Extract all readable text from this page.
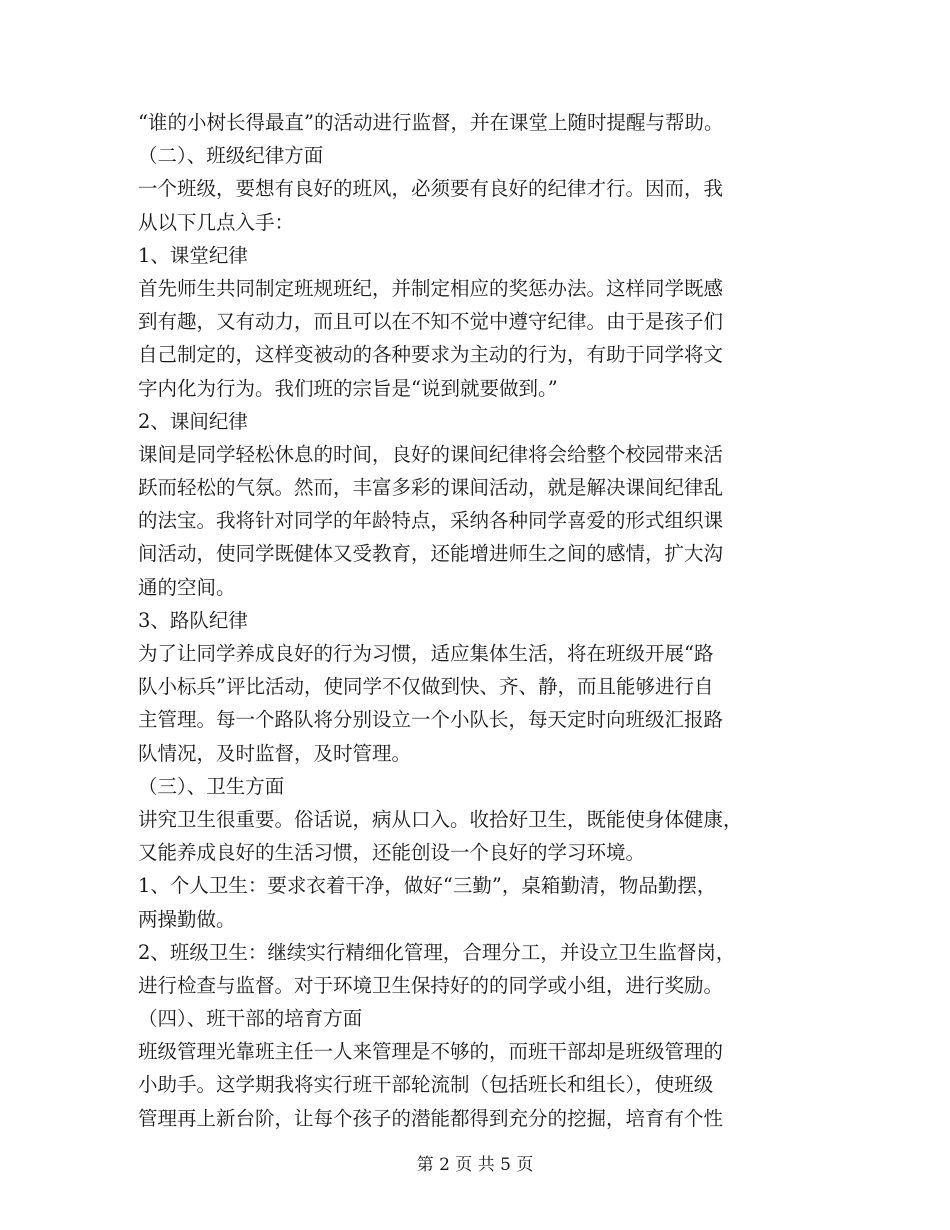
“谁的小树长得最直”的活动进行监督，并在课堂上随时提醒与帮助。
（二）、班级纪律方面
一个班级，要想有良好的班风，必须要有良好的纪律才行。因而，我
从以下几点入手：
1、课堂纪律
首先师生共同制定班规班纪，并制定相应的奖惩办法。这样同学既感
到有趣，又有动力，而且可以在不知不觉中遵守纪律。由于是孩子们
自己制定的，这样变被动的各种要求为主动的行为，有助于同学将文
字内化为行为。我们班的宗旨是“说到就要做到。”
2、课间纪律
课间是同学轻松休息的时间，良好的课间纪律将会给整个校园带来活
跃而轻松的气氛。然而，丰富多彩的课间活动，就是解决课间纪律乱
的法宝。我将针对同学的年龄特点，采纳各种同学喜爱的形式组织课
间活动，使同学既健体又受教育，还能增进师生之间的感情，扩大沟
通的空间。
3、路队纪律
为了让同学养成良好的行为习惯，适应集体生活，将在班级开展“路
队小标兵”评比活动，使同学不仅做到快、齐、静，而且能够进行自
主管理。每一个路队将分别设立一个小队长，每天定时向班级汇报路
队情况，及时监督，及时管理。
（三）、卫生方面
讲究卫生很重要。俗话说，病从口入。收拾好卫生，既能使身体健康，
又能养成良好的生活习惯，还能创设一个良好的学习环境。
1、个人卫生：要求衣着干净，做好“三勤”，桌箱勤清，物品勤摆，
两操勤做。
2、班级卫生：继续实行精细化管理，合理分工，并设立卫生监督岗，
进行检查与监督。对于环境卫生保持好的的同学或小组，进行奖励。
（四）、班干部的培育方面
班级管理光靠班主任一人来管理是不够的，而班干部却是班级管理的
小助手。这学期我将实行班干部轮流制（包括班长和组长），使班级
管理再上新台阶，让每个孩子的潜能都得到充分的挖掘，培育有个性
第 2 页 共 5 页
